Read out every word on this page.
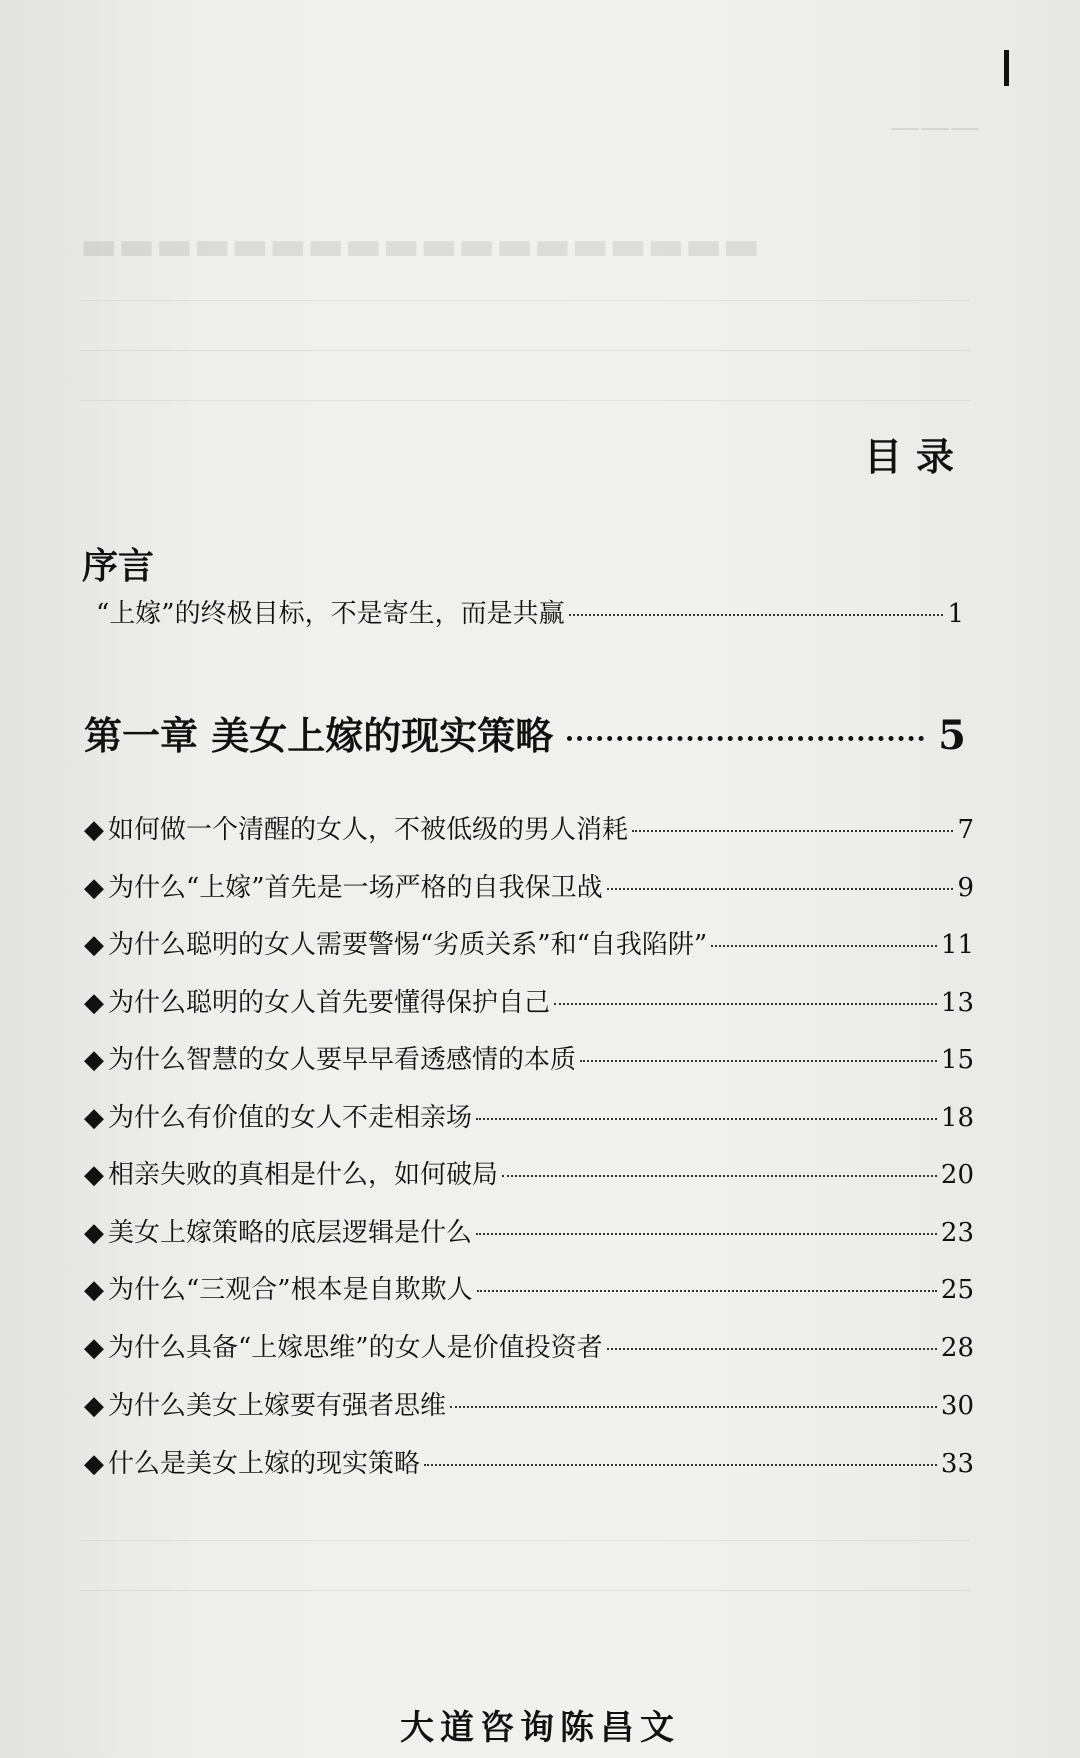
———
▬▬▬▬▬▬▬▬▬▬▬▬▬▬▬▬▬▬
目录
序言
“上嫁”的终极目标，不是寄生，而是共赢	1
第一章 美女上嫁的现实策略	5
◆ 如何做一个清醒的女人，不被低级的男人消耗	7
◆ 为什么“上嫁”首先是一场严格的自我保卫战	9
◆ 为什么聪明的女人需要警惕“劣质关系”和“自我陷阱”	11
◆ 为什么聪明的女人首先要懂得保护自己	13
◆ 为什么智慧的女人要早早看透感情的本质	15
◆ 为什么有价值的女人不走相亲场	18
◆ 相亲失败的真相是什么，如何破局	20
◆ 美女上嫁策略的底层逻辑是什么	23
◆ 为什么“三观合”根本是自欺欺人	25
◆ 为什么具备“上嫁思维”的女人是价值投资者	28
◆ 为什么美女上嫁要有强者思维	30
◆ 什么是美女上嫁的现实策略	33
大道咨询陈昌文
